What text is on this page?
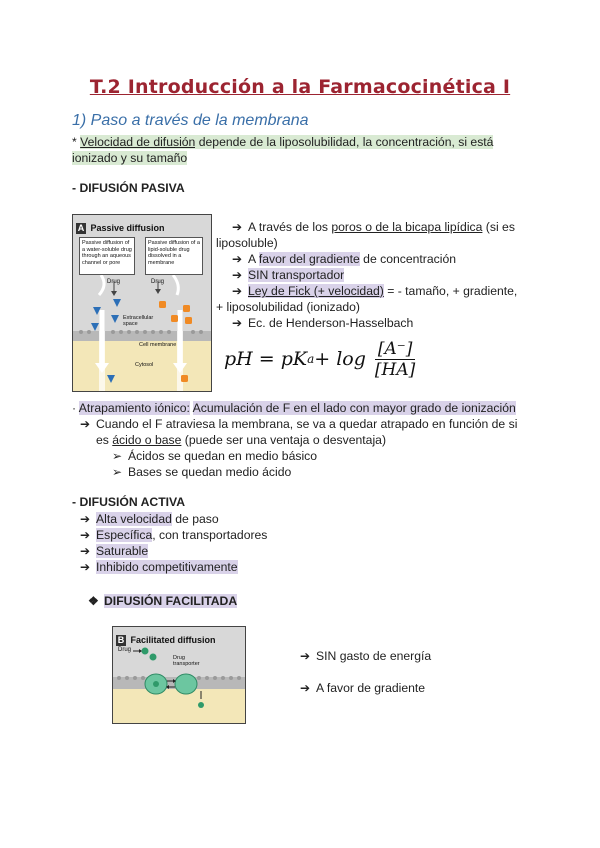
T.2 Introducción a la Farmacocinética I
1) Paso a través de la membrana
* Velocidad de difusión depende de la liposolubilidad, la concentración, si está
ionizado y su tamaño
- DIFUSIÓN PASIVA
A Passive diffusion
Passive diffusion of a water-soluble drug through an aqueous channel or pore
Passive diffusion of a lipid-soluble drug dissolved in a membrane
Drug	Drug
Extracellular space
Cell membrane
Cytosol
➔ A través de los poros o de la bicapa lipídica (si es
liposoluble)
➔ A favor del gradiente de concentración
➔ SIN transportador
➔ Ley de Fick (+ velocidad) = - tamaño, + gradiente,
+ liposolubilidad (ionizado)
➔ Ec. de Henderson-Hasselbach
pH = pK a + log [A⁻]
[HA]
· Atrapamiento iónico: Acumulación de F en el lado con mayor grado de ionización
➔ Cuando el F atraviesa la membrana, se va a quedar atrapado en función de si
es ácido o base (puede ser una ventaja o desventaja)
➢ Ácidos se quedan en medio básico
➢ Bases se quedan medio ácido
- DIFUSIÓN ACTIVA
➔ Alta velocidad de paso
➔ Específica, con transportadores
➔ Saturable
➔ Inhibido competitivamente
❖ DIFUSIÓN FACILITADA
B Facilitated diffusion
Drug
Drug transporter
➔ SIN gasto de energía
➔ A favor de gradiente
